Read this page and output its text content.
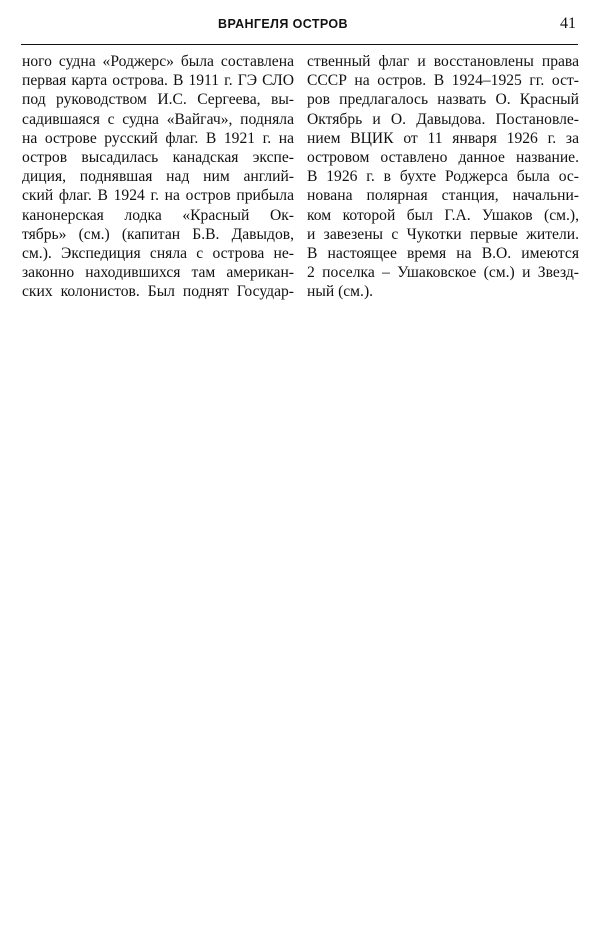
ВРАНГЕЛЯ ОСТРОВ	41
ного судна «Роджерс» была составлена
первая карта острова. В 1911 г. ГЭ СЛО
под руководством И.С. Сергеева, вы-
садившаяся с судна «Вайгач», подняла
на острове русский флаг. В 1921 г. на
остров высадилась канадская экспе-
диция, поднявшая над ним англий-
ский флаг. В 1924 г. на остров прибыла
канонерская лодка «Красный Ок-
тябрь» (см.) (капитан Б.В. Давыдов,
см.). Экспедиция сняла с острова не-
законно находившихся там американ-
ских колонистов. Был поднят Государ-
ственный флаг и восстановлены права
СССР на остров. В 1924–1925 гг. ост-
ров предлагалось назвать О. Красный
Октябрь и О. Давыдова. Постановле-
нием ВЦИК от 11 января 1926 г. за
островом оставлено данное название.
В 1926 г. в бухте Роджерса была ос-
нована полярная станция, начальни-
ком которой был Г.А. Ушаков (см.),
и завезены с Чукотки первые жители.
В настоящее время на В.О. имеются
2 поселка – Ушаковское (см.) и Звезд-
ный (см.).
